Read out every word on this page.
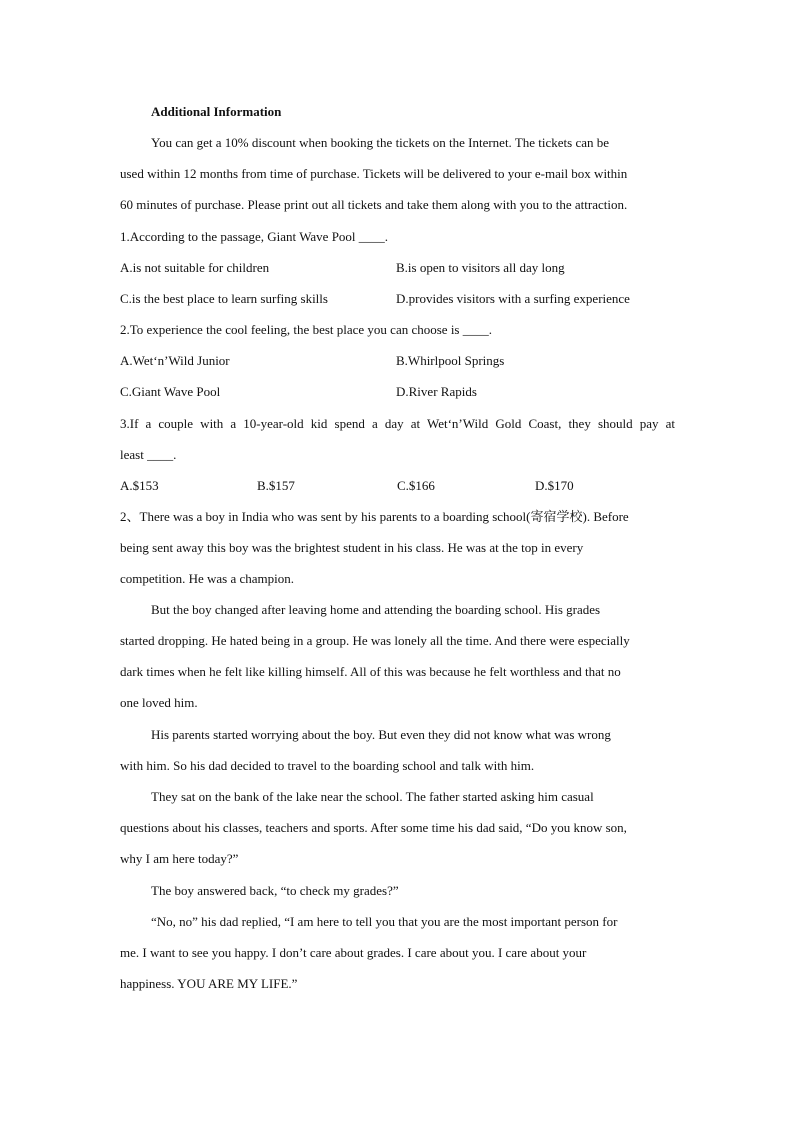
Additional Information
You can get a 10% discount when booking the tickets on the Internet. The tickets can be
used within 12 months from time of purchase. Tickets will be delivered to your e-mail box within
60 minutes of purchase. Please print out all tickets and take them along with you to the attraction.
1.According to the passage, Giant Wave Pool ____.
A.is not suitable for children	B.is open to visitors all day long
C.is the best place to learn surfing skills	D.provides visitors with a surfing experience
2.To experience the cool feeling, the best place you can choose is ____.
A.Wet‘n’Wild Junior	B.Whirlpool Springs
C.Giant Wave Pool	D.River Rapids
3.If a couple with a 10-year-old kid spend a day at Wet‘n’Wild Gold Coast, they should pay at
least ____.
A.$153	B.$157	C.$166	D.$170
2、There was a boy in India who was sent by his parents to a boarding school(寄宿学校). Before
being sent away this boy was the brightest student in his class. He was at the top in every
competition. He was a champion.
But the boy changed after leaving home and attending the boarding school. His grades
started dropping. He hated being in a group. He was lonely all the time. And there were especially
dark times when he felt like killing himself. All of this was because he felt worthless and that no
one loved him.
His parents started worrying about the boy. But even they did not know what was wrong
with him. So his dad decided to travel to the boarding school and talk with him.
They sat on the bank of the lake near the school. The father started asking him casual
questions about his classes, teachers and sports. After some time his dad said, “Do you know son,
why I am here today?”
The boy answered back, “to check my grades?”
“No, no” his dad replied, “I am here to tell you that you are the most important person for
me. I want to see you happy. I don’t care about grades. I care about you. I care about your
happiness. YOU ARE MY LIFE.”
